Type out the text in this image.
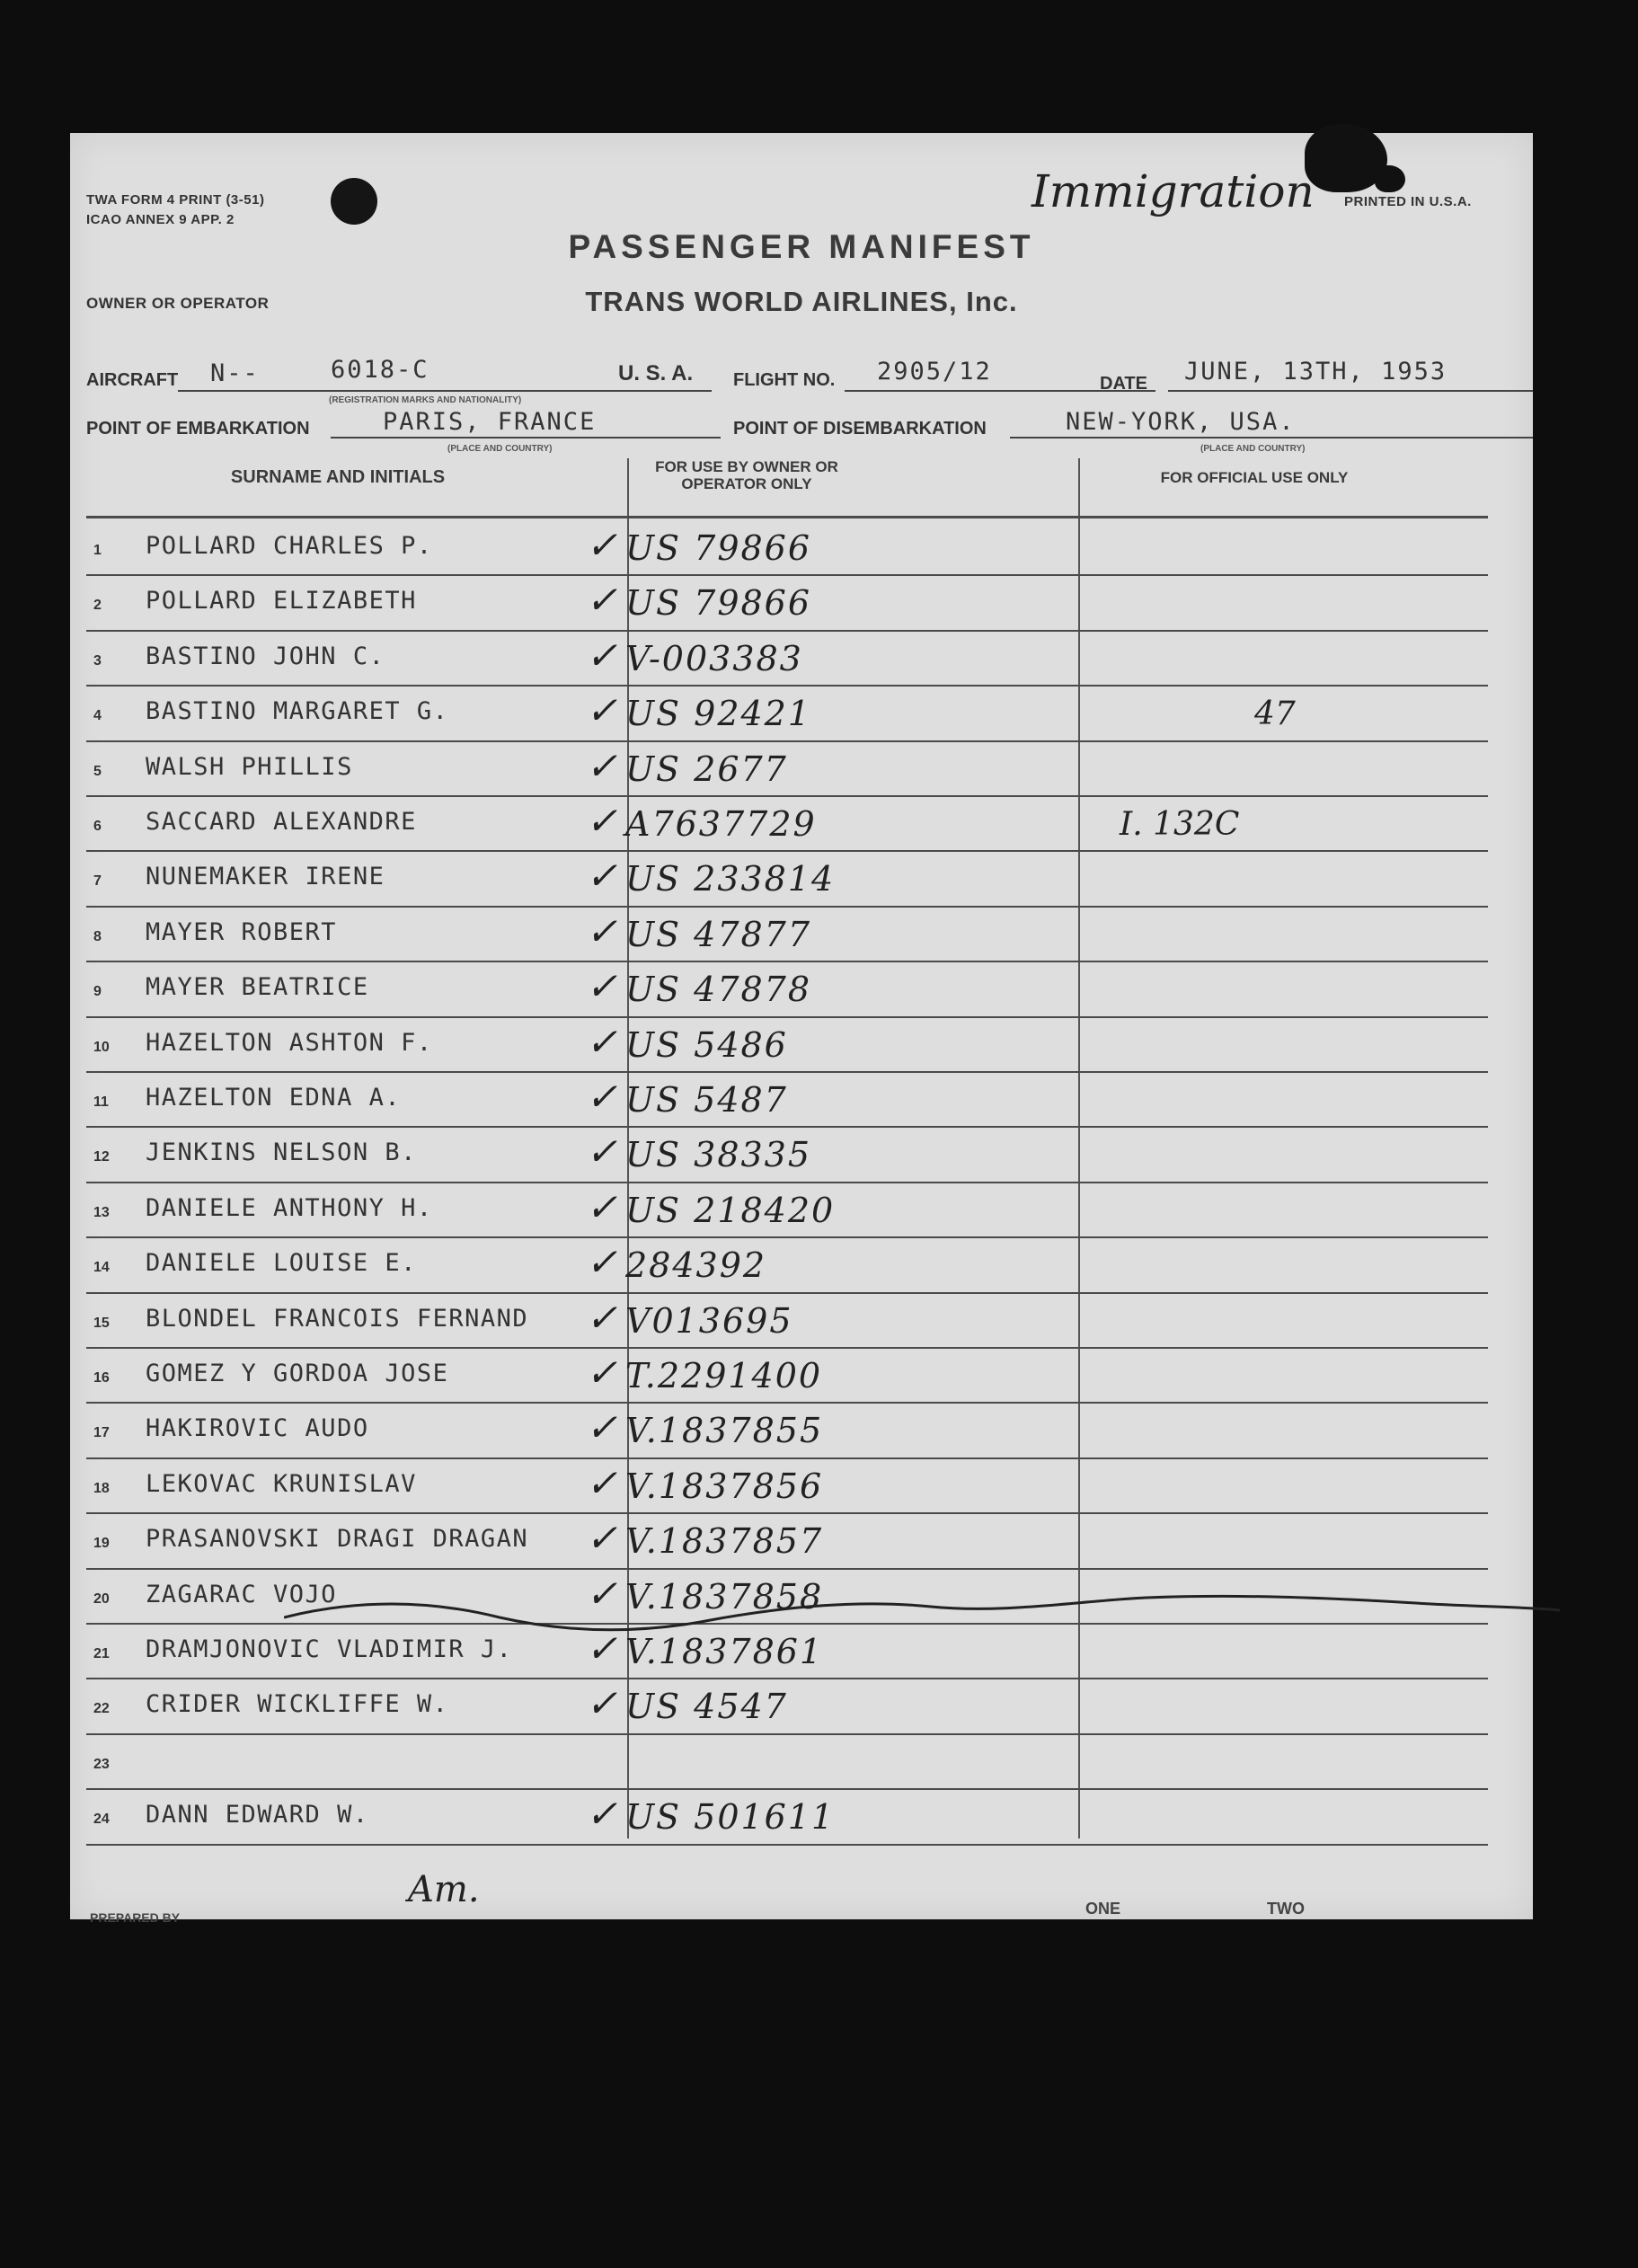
TWA FORM 4 PRINT (3-51)
ICAO ANNEX 9 APP. 2
PRINTED IN U.S.A.
Immigration
OWNER OR OPERATOR
PASSENGER MANIFEST
TRANS WORLD AIRLINES, Inc.
AIRCRAFT N--	6018-C	U. S. A.
(REGISTRATION MARKS AND NATIONALITY)
FLIGHT NO. 2905/12	DATE JUNE, 13TH, 1953
POINT OF EMBARKATION	PARIS, FRANCE
(PLACE AND COUNTRY)
POINT OF DISEMBARKATION	NEW-YORK, USA.
(PLACE AND COUNTRY)
SURNAME AND INITIALS
FOR USE BY OWNER OR OPERATOR ONLY	FOR OFFICIAL USE ONLY
1 POLLARD CHARLES P.	✓ US 79866
2 POLLARD ELIZABETH	✓ US 79866
3 BASTINO JOHN C.	✓ V-003383
4 BASTINO MARGARET G.	✓ US 92421	47
5 WALSH PHILLIS	✓ US 2677
6 SACCARD ALEXANDRE	✓ A7637729	I. 132C
7 NUNEMAKER IRENE	✓ US 233814
8 MAYER ROBERT	✓ US 47877
9 MAYER BEATRICE	✓ US 47878
10 HAZELTON ASHTON F.	✓ US 5486
11 HAZELTON EDNA A.	✓ US 5487
12 JENKINS NELSON B.	✓ US 38335
13 DANIELE ANTHONY H.	✓ US 218420
14 DANIELE LOUISE E.	✓ 284392
15 BLONDEL FRANCOIS FERNAND ✓ V013695
16 GOMEZ Y GORDOA JOSE	✓ T.2291400
17 HAKIROVIC AUDO	✓ V.1837855
18 LEKOVAC KRUNISLAV	✓ V.1837856
19 PRASANOVSKI DRAGI DRAGAN ✓ V.1837857
20 ZAGARAC VOJO	✓ V.1837858
21 DRAMJONOVIC VLADIMIR J. ✓ V.1837861
22 CRIDER WICKLIFFE W.	✓ US 4547
23
24 DANN EDWARD W.	✓ US 501611
PREPARED BY
Am.	ONE	TWO
